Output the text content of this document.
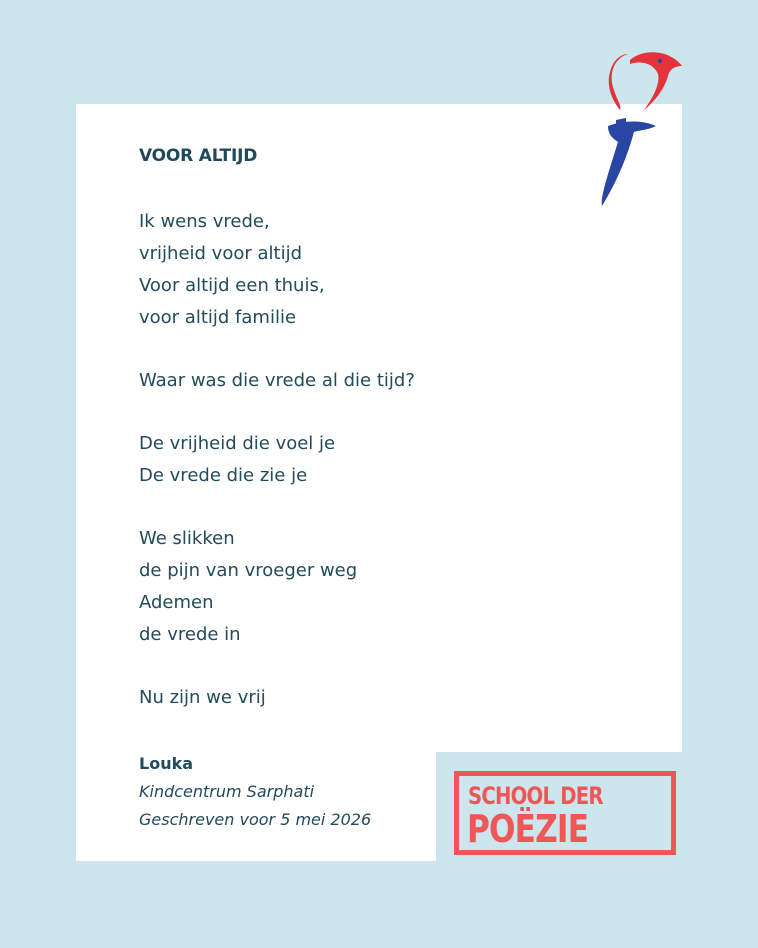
VOOR ALTIJD
Ik wens vrede,
vrijheid voor altijd
Voor altijd een thuis,
voor altijd familie
Waar was die vrede al die tijd?
De vrijheid die voel je
De vrede die zie je
We slikken
de pijn van vroeger weg
Ademen
de vrede in
Nu zijn we vrij
Louka
Kindcentrum Sarphati
Geschreven voor 5 mei 2026
SCHOOL DER
POËZIE
